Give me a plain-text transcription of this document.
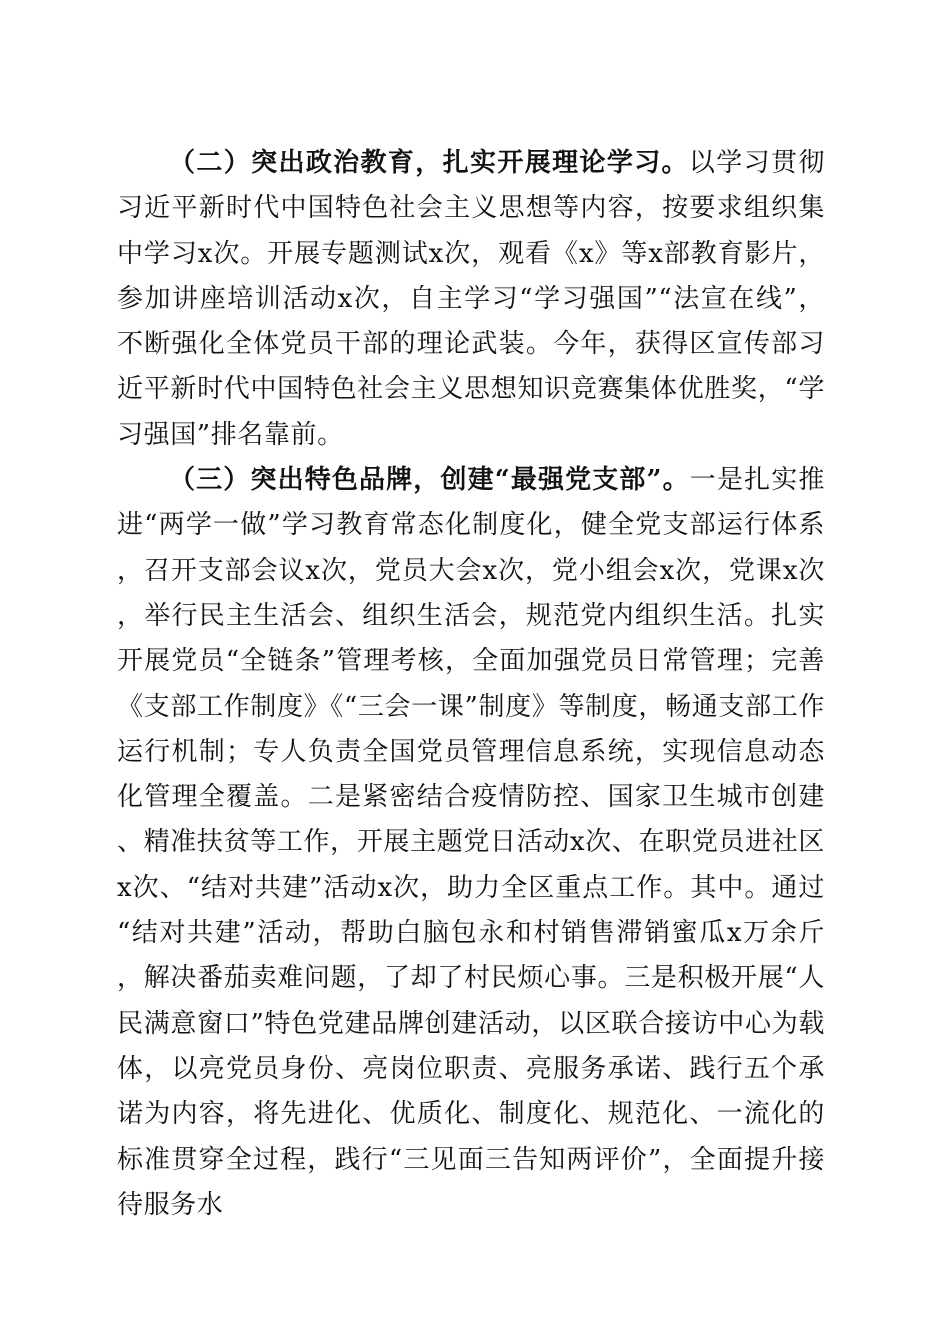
（二）突出政治教育，扎实开展理论学习。以学习贯彻习近平新时代中国特色社会主义思想等内容，按要求组织集中学习x次。开展专题测试x次，观看《x》等x部教育影片，参加讲座培训活动x次，自主学习“学习强国”“法宣在线”，不断强化全体党员干部的理论武装。今年，获得区宣传部习近平新时代中国特色社会主义思想知识竞赛集体优胜奖，“学习强国”排名靠前。

（三）突出特色品牌，创建“最强党支部”。一是扎实推进“两学一做”学习教育常态化制度化，健全党支部运行体系，召开支部会议x次，党员大会x次，党小组会x次，党课x次，举行民主生活会、组织生活会，规范党内组织生活。扎实开展党员“全链条”管理考核，全面加强党员日常管理；完善《支部工作制度》《“三会一课”制度》等制度，畅通支部工作运行机制；专人负责全国党员管理信息系统，实现信息动态化管理全覆盖。二是紧密结合疫情防控、国家卫生城市创建、精准扶贫等工作，开展主题党日活动x次、在职党员进社区x次、“结对共建”活动x次，助力全区重点工作。其中。通过“结对共建”活动，帮助白脑包永和村销售滞销蜜瓜x万余斤，解决番茄卖难问题，了却了村民烦心事。三是积极开展“人民满意窗口”特色党建品牌创建活动，以区联合接访中心为载体，以亮党员身份、亮岗位职责、亮服务承诺、践行五个承诺为内容，将先进化、优质化、制度化、规范化、一流化的标准贯穿全过程，践行“三见面三告知两评价”，全面提升接待服务水
